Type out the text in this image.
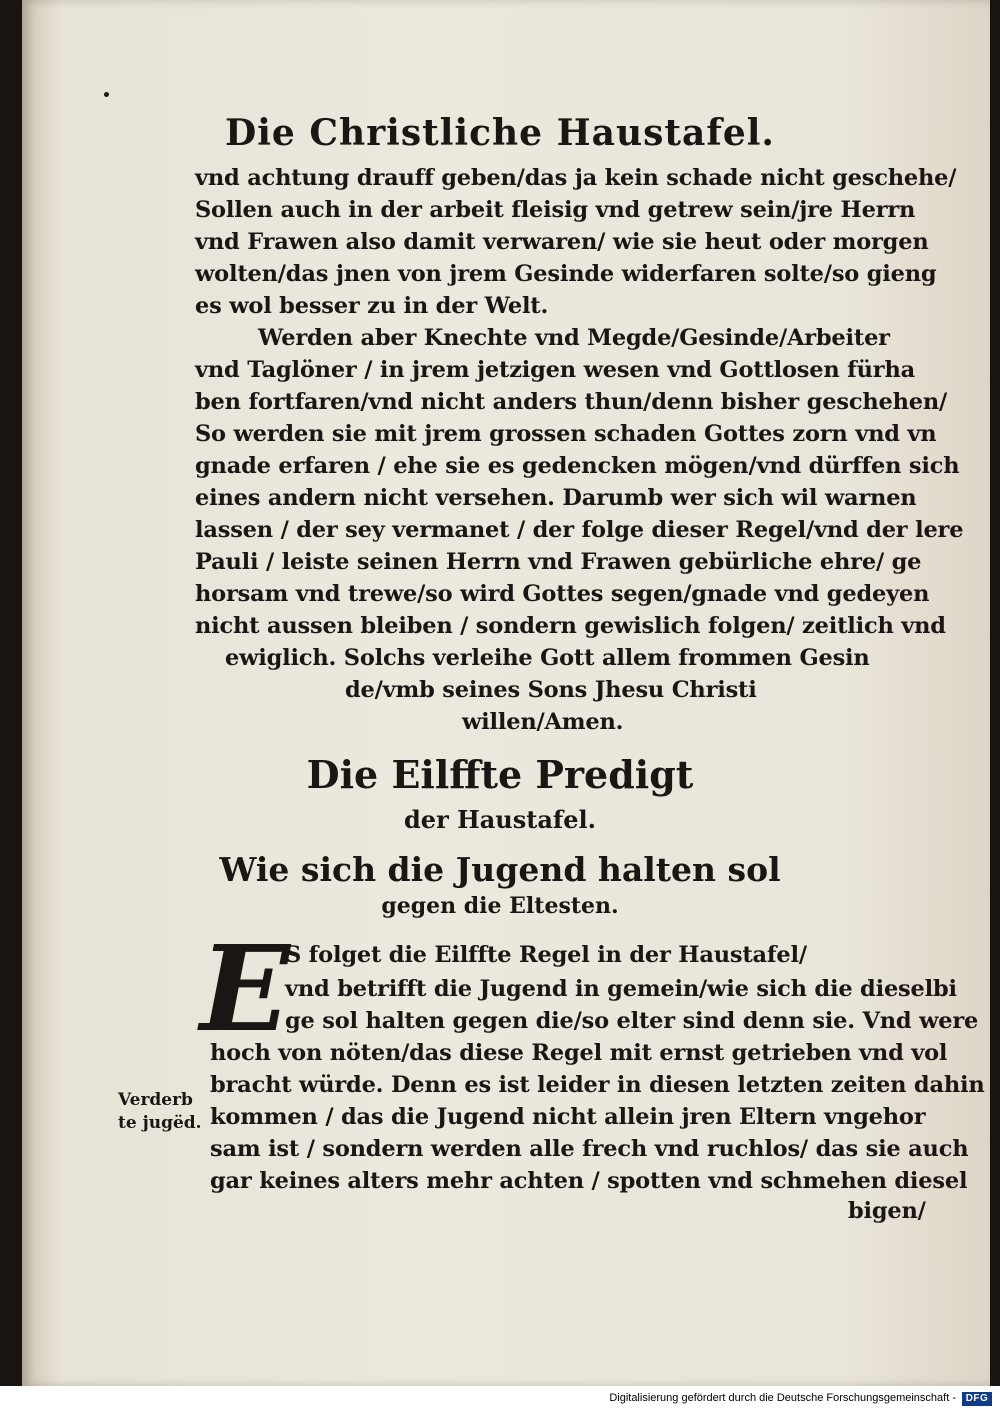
Die Christliche Haustafel.
vnd achtung drauff geben/das ja kein schade nicht geschehe/
Sollen auch in der arbeit fleisig vnd getrew sein/jre Herrn
vnd Frawen also damit verwaren/ wie sie heut oder morgen
wolten/das jnen von jrem Gesinde widerfaren solte/so gieng
es wol besser zu in der Welt.
Werden aber Knechte vnd Megde/Gesinde/Arbeiter
vnd Taglöner / in jrem jetzigen wesen vnd Gottlosen fürha
ben fortfaren/vnd nicht anders thun/denn bisher geschehen/
So werden sie mit jrem grossen schaden Gottes zorn vnd vn
gnade erfaren / ehe sie es gedencken mögen/vnd dürffen sich
eines andern nicht versehen. Darumb wer sich wil warnen
lassen / der sey vermanet / der folge dieser Regel/vnd der lere
Pauli / leiste seinen Herrn vnd Frawen gebürliche ehre/ ge
horsam vnd trewe/so wird Gottes segen/gnade vnd gedeyen
nicht aussen bleiben / sondern gewislich folgen/ zeitlich vnd
ewiglich. Solchs verleihe Gott allem frommen Gesin
de/vmb seines Sons Jhesu Christi
willen/Amen.
Die Eilffte Predigt
der Haustafel.
Wie sich die Jugend halten sol
gegen die Eltesten.
E
S folget die Eilffte Regel in der Haustafel/
vnd betrifft die Jugend in gemein/wie sich die dieselbi
ge sol halten gegen die/so elter sind denn sie. Vnd were
hoch von nöten/das diese Regel mit ernst getrieben vnd vol
bracht würde. Denn es ist leider in diesen letzten zeiten dahin
kommen / das die Jugend nicht allein jren Eltern vngehor
sam ist / sondern werden alle frech vnd ruchlos/ das sie auch
gar keines alters mehr achten / spotten vnd schmehen diesel
bigen/
Verderb
te jugëd.
Digitalisierung gefördert durch die Deutsche Forschungsgemeinschaft - DFG
